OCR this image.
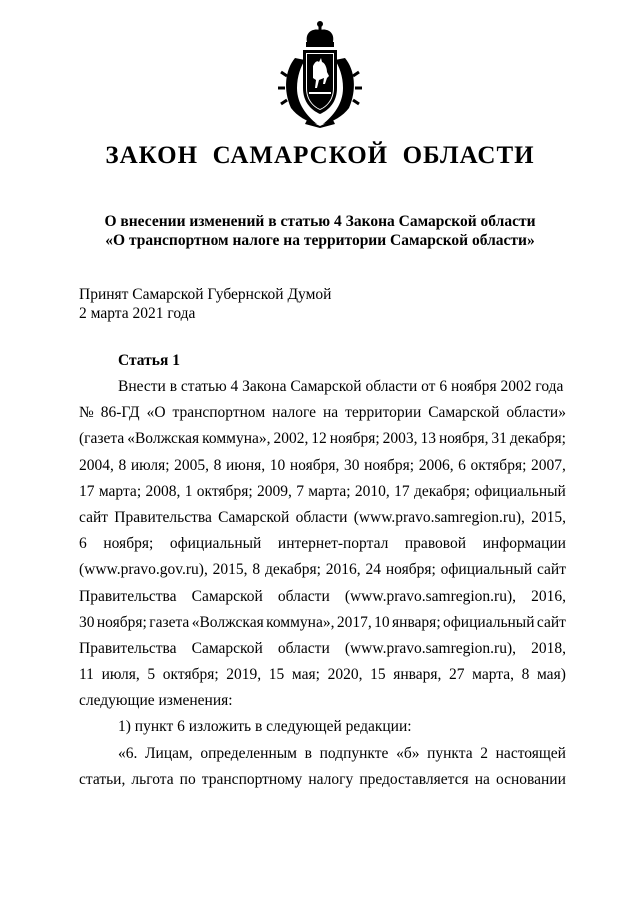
ЗАКОН  САМАРСКОЙ  ОБЛАСТИ
О внесении изменений в статью 4 Закона Самарской области
«О транспортном налоге на территории Самарской области»
Принят Самарской Губернской Думой
2 марта 2021 года
Статья 1
Внести в статью 4 Закона Самарской области от 6 ноября 2002 года
№ 86-ГД «О транспортном налоге на территории Самарской области»
(газета «Волжская коммуна», 2002, 12 ноября; 2003, 13 ноября, 31 декабря;
2004, 8 июля; 2005, 8 июня, 10 ноября, 30 ноября; 2006, 6 октября; 2007,
17 марта; 2008, 1 октября; 2009, 7 марта; 2010, 17 декабря; официальный
сайт Правительства Самарской области (www.pravo.samregion.ru), 2015,
6 ноября; официальный интернет-портал правовой информации
(www.pravo.gov.ru), 2015, 8 декабря; 2016, 24 ноября; официальный сайт
Правительства Самарской области (www.pravo.samregion.ru), 2016,
30 ноября; газета «Волжская коммуна», 2017, 10 января; официальный сайт
Правительства Самарской области (www.pravo.samregion.ru), 2018,
11 июля, 5 октября; 2019, 15 мая; 2020, 15 января, 27 марта, 8 мая)
следующие изменения:
1) пункт 6 изложить в следующей редакции:
«6. Лицам, определенным в подпункте «б» пункта 2 настоящей
статьи, льгота по транспортному налогу предоставляется на основании
